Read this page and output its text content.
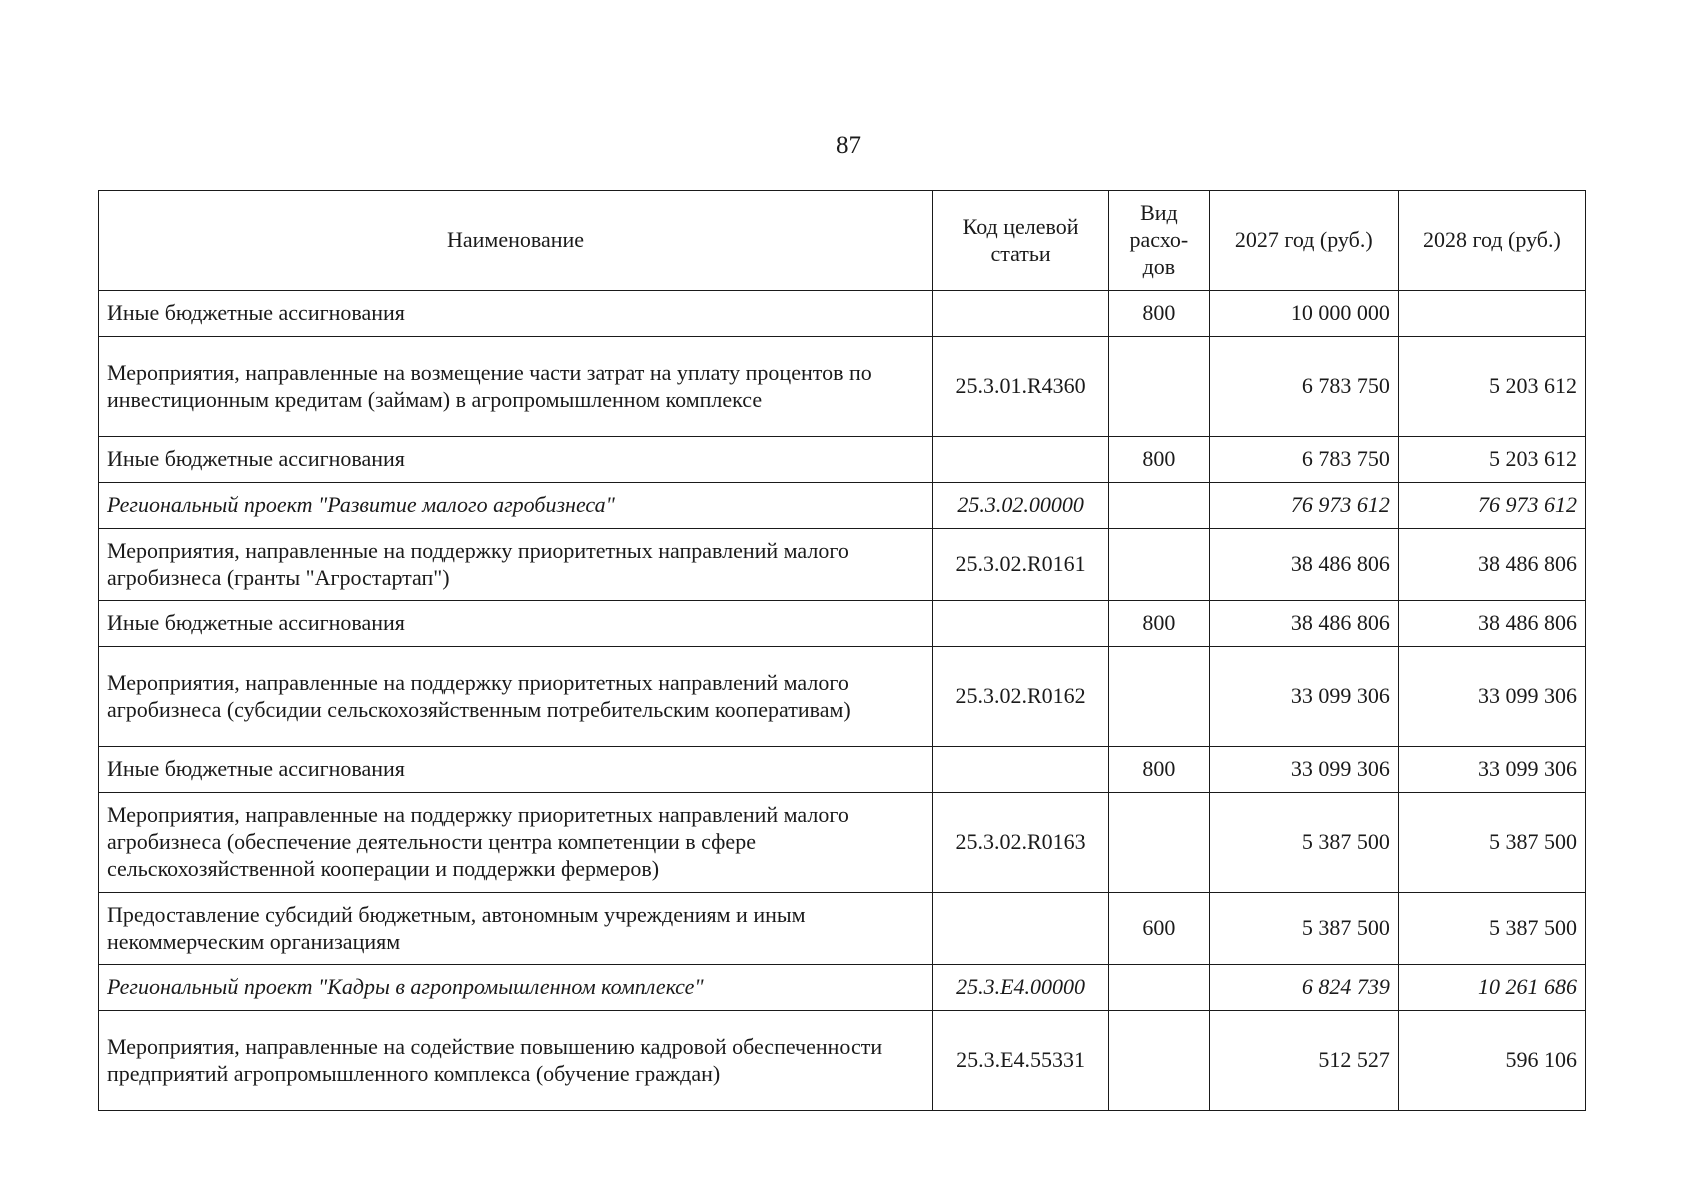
87
Наименование	Код целевой статьи	Вид расхо-дов	2027 год (руб.)	2028 год (руб.)
Иные бюджетные ассигнования		800	10 000 000	
Мероприятия, направленные на возмещение части затрат на уплату процентов по инвестиционным кредитам (займам) в агропромышленном комплексе	25.3.01.R4360		6 783 750	5 203 612
Иные бюджетные ассигнования		800	6 783 750	5 203 612
Региональный проект "Развитие малого агробизнеса"	25.3.02.00000		76 973 612	76 973 612
Мероприятия, направленные на поддержку приоритетных направлений малого агробизнеса (гранты "Агростартап")	25.3.02.R0161		38 486 806	38 486 806
Иные бюджетные ассигнования		800	38 486 806	38 486 806
Мероприятия, направленные на поддержку приоритетных направлений малого агробизнеса (субсидии сельскохозяйственным потребительским кооперативам)	25.3.02.R0162		33 099 306	33 099 306
Иные бюджетные ассигнования		800	33 099 306	33 099 306
Мероприятия, направленные на поддержку приоритетных направлений малого агробизнеса (обеспечение деятельности центра компетенции в сфере сельскохозяйственной кооперации и поддержки фермеров)	25.3.02.R0163		5 387 500	5 387 500
Предоставление субсидий бюджетным, автономным учреждениям и иным некоммерческим организациям		600	5 387 500	5 387 500
Региональный проект "Кадры в агропромышленном комплексе"	25.3.Е4.00000		6 824 739	10 261 686
Мероприятия, направленные на содействие повышению кадровой обеспеченности предприятий агропромышленного комплекса (обучение граждан)	25.3.Е4.55331		512 527	596 106
